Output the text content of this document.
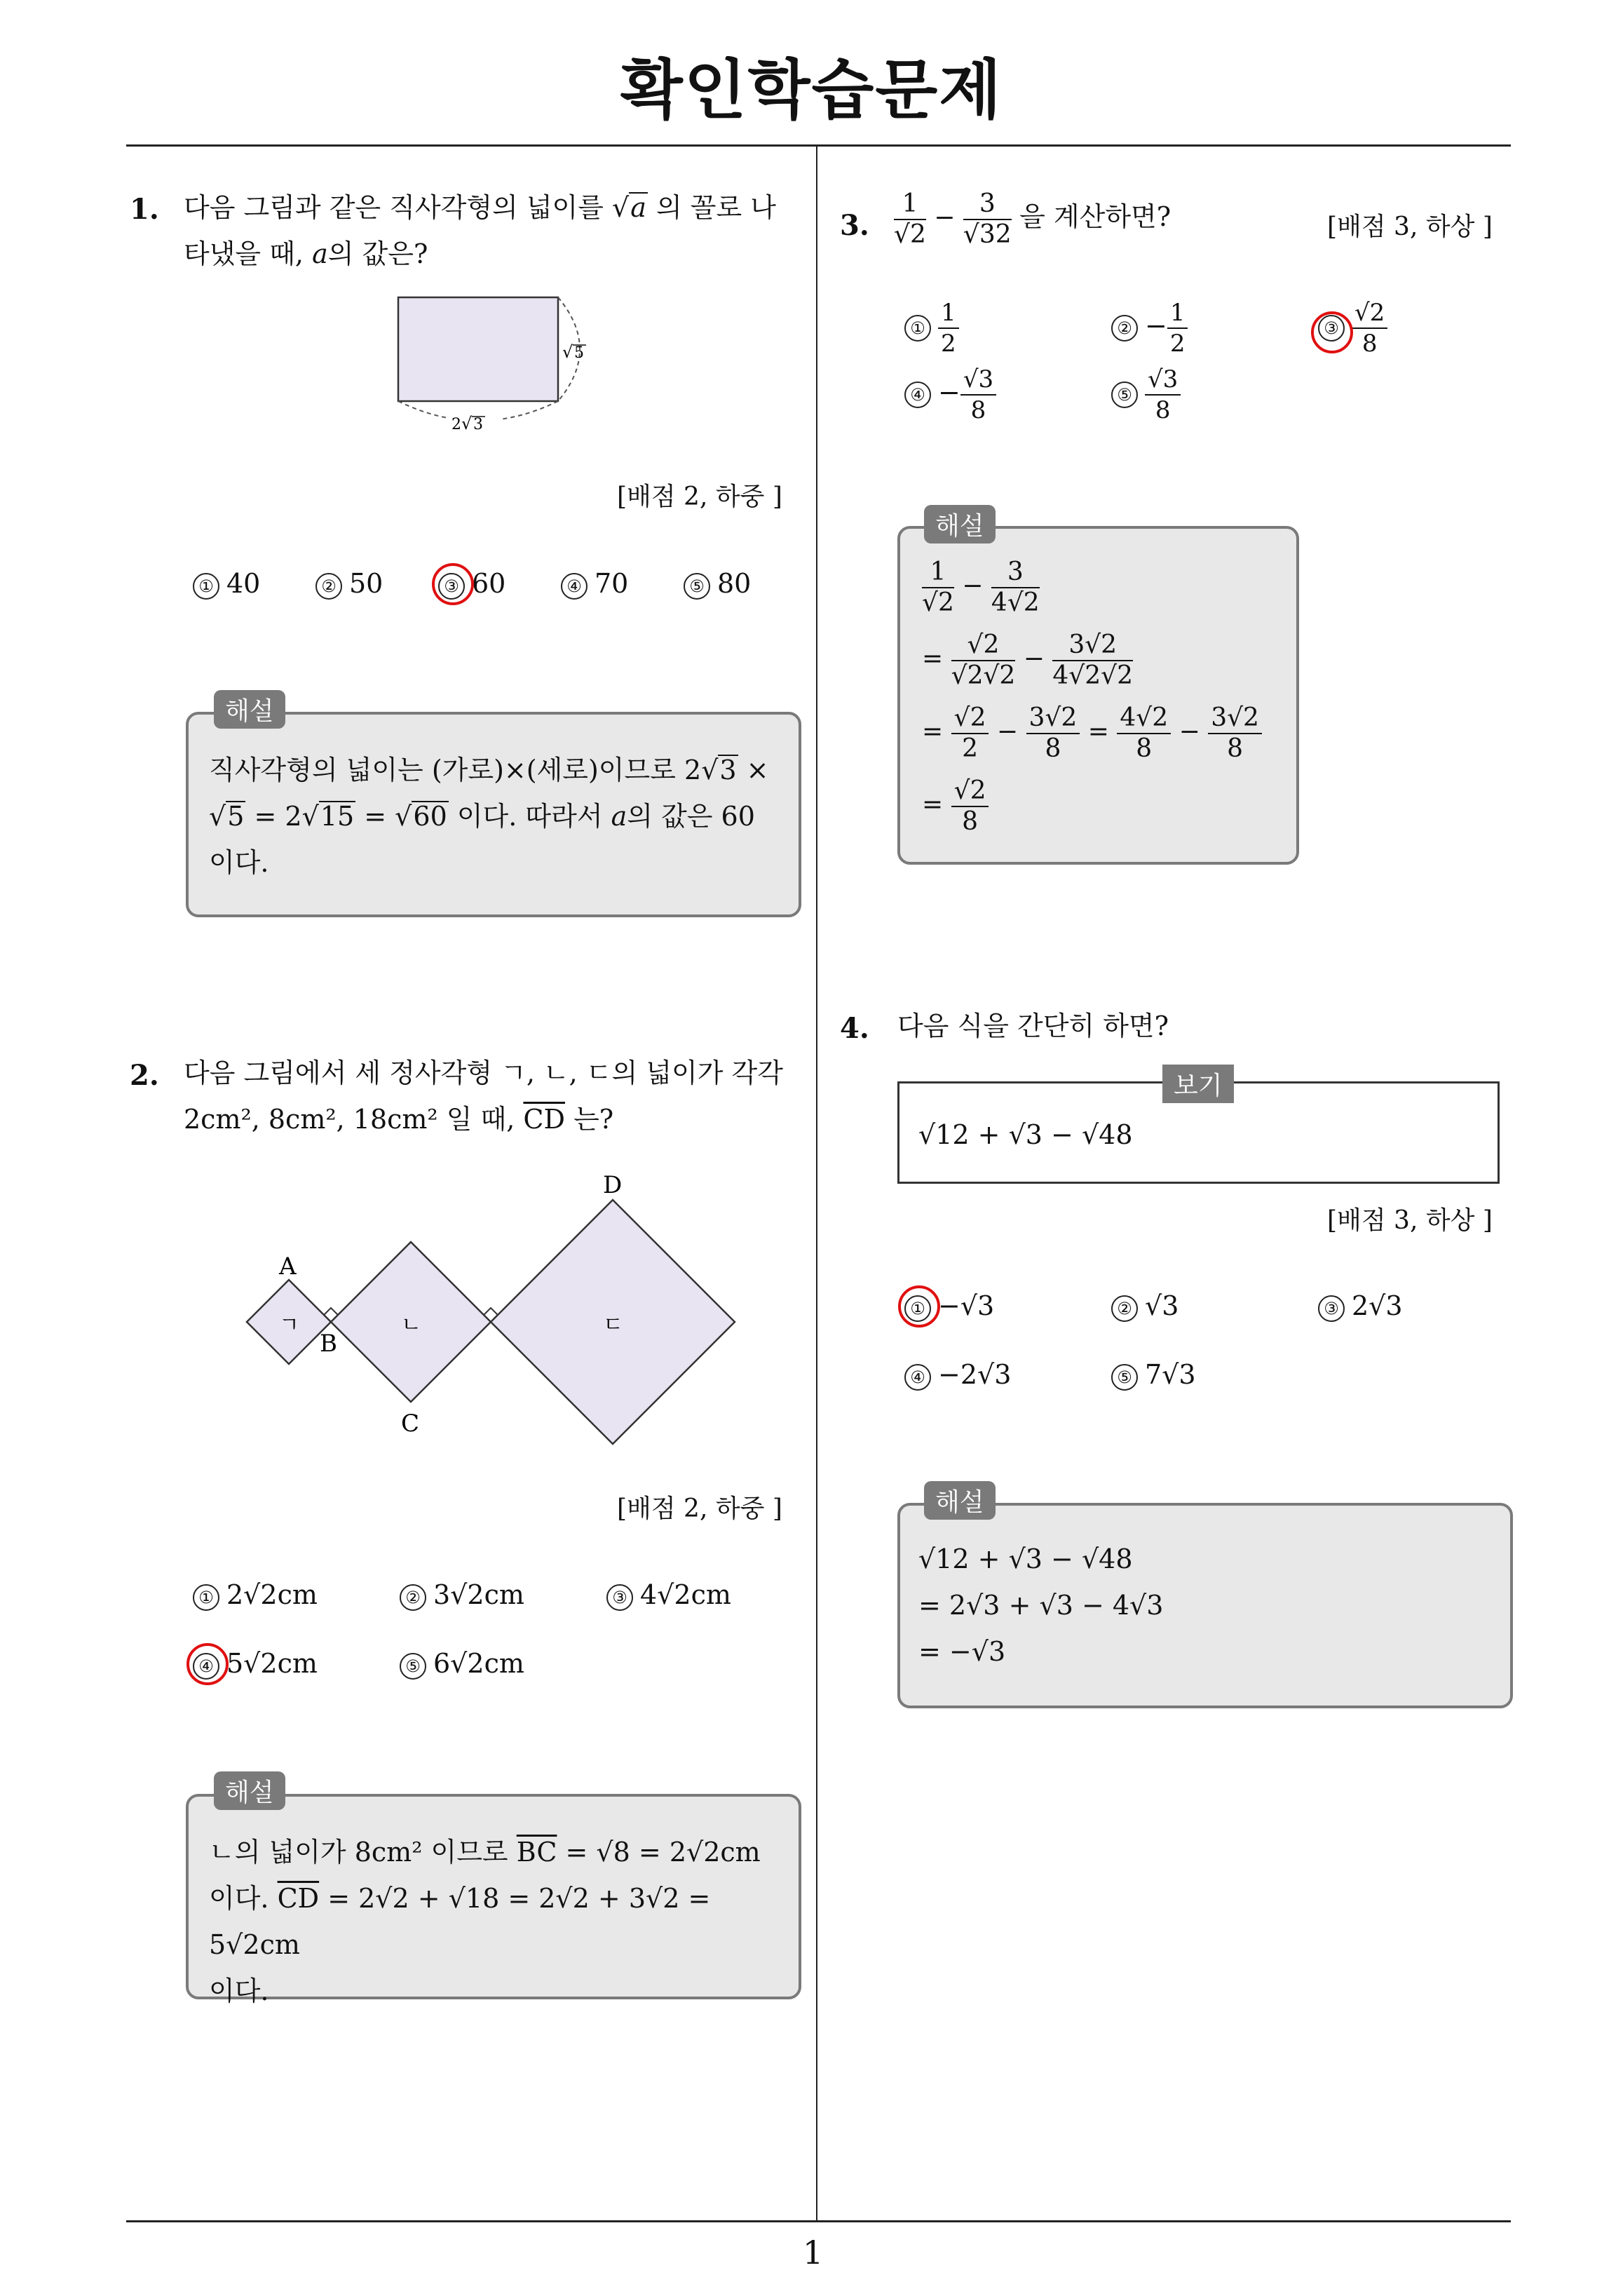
확인학습문제
1
1. 다음 그림과 같은 직사각형의 넓이를 √a 의 꼴로 나
타냈을 때, a의 값은?
√ 5
2 √ 3
[배점 2, 하중 ]
① 40	② 50	③ 60	④ 70	⑤ 80
해설
직사각형의 넓이는 (가로)×(세로)이므로 2√3 ×
√5 = 2√15 = √60 이다. 따라서 a의 값은 60
이다.
2. 다음 그림에서 세 정사각형 ㄱ, ㄴ, ㄷ의 넓이가 각각
2cm², 8cm², 18cm² 일 때, $\overline{CD}$ 는?
A
B
C
D
ㄱ	ㄴ	ㄷ
[배점 2, 하중 ]
① 2√2cm	② 3√2cm	③ 4√2cm
④ 5√2cm	⑤ 6√2cm
해설
ㄴ의 넓이가 8cm² 이므로 $\overline{BC} = √8 = 2√2cm$
이다. $\overline{CD} = 2√2 + √18 = 2√2 + 3√2 = 5√2cm$
이다.
3. $\frac{1}{√2} - \frac{3}{√32}$ 을 계산하면?	[배점 3, 하상 ]
① $\frac{1}{2}$	② − $\frac{1}{2}$	③ $\frac{√2}{8}$
④ − $\frac{√3}{8}$	⑤ $\frac{√3}{8}$
해설
$\frac{1}{√2} - \frac{3}{4√2}$
= $\frac{√2}{√2√2} - \frac{3√2}{4√2√2}$
= $\frac{√2}{2} - \frac{3√2}{8} = \frac{4√2}{8} - \frac{3√2}{8}$
= $\frac{√2}{8}$
4. 다음 식을 간단히 하면?
보기
√12 + √3 − √48
[배점 3, 하상 ]
① −√3	② √3	③ 2√3
④ −2√3	⑤ 7√3
해설
√12 + √3 − √48
= 2√3 + √3 − 4√3
= −√3
